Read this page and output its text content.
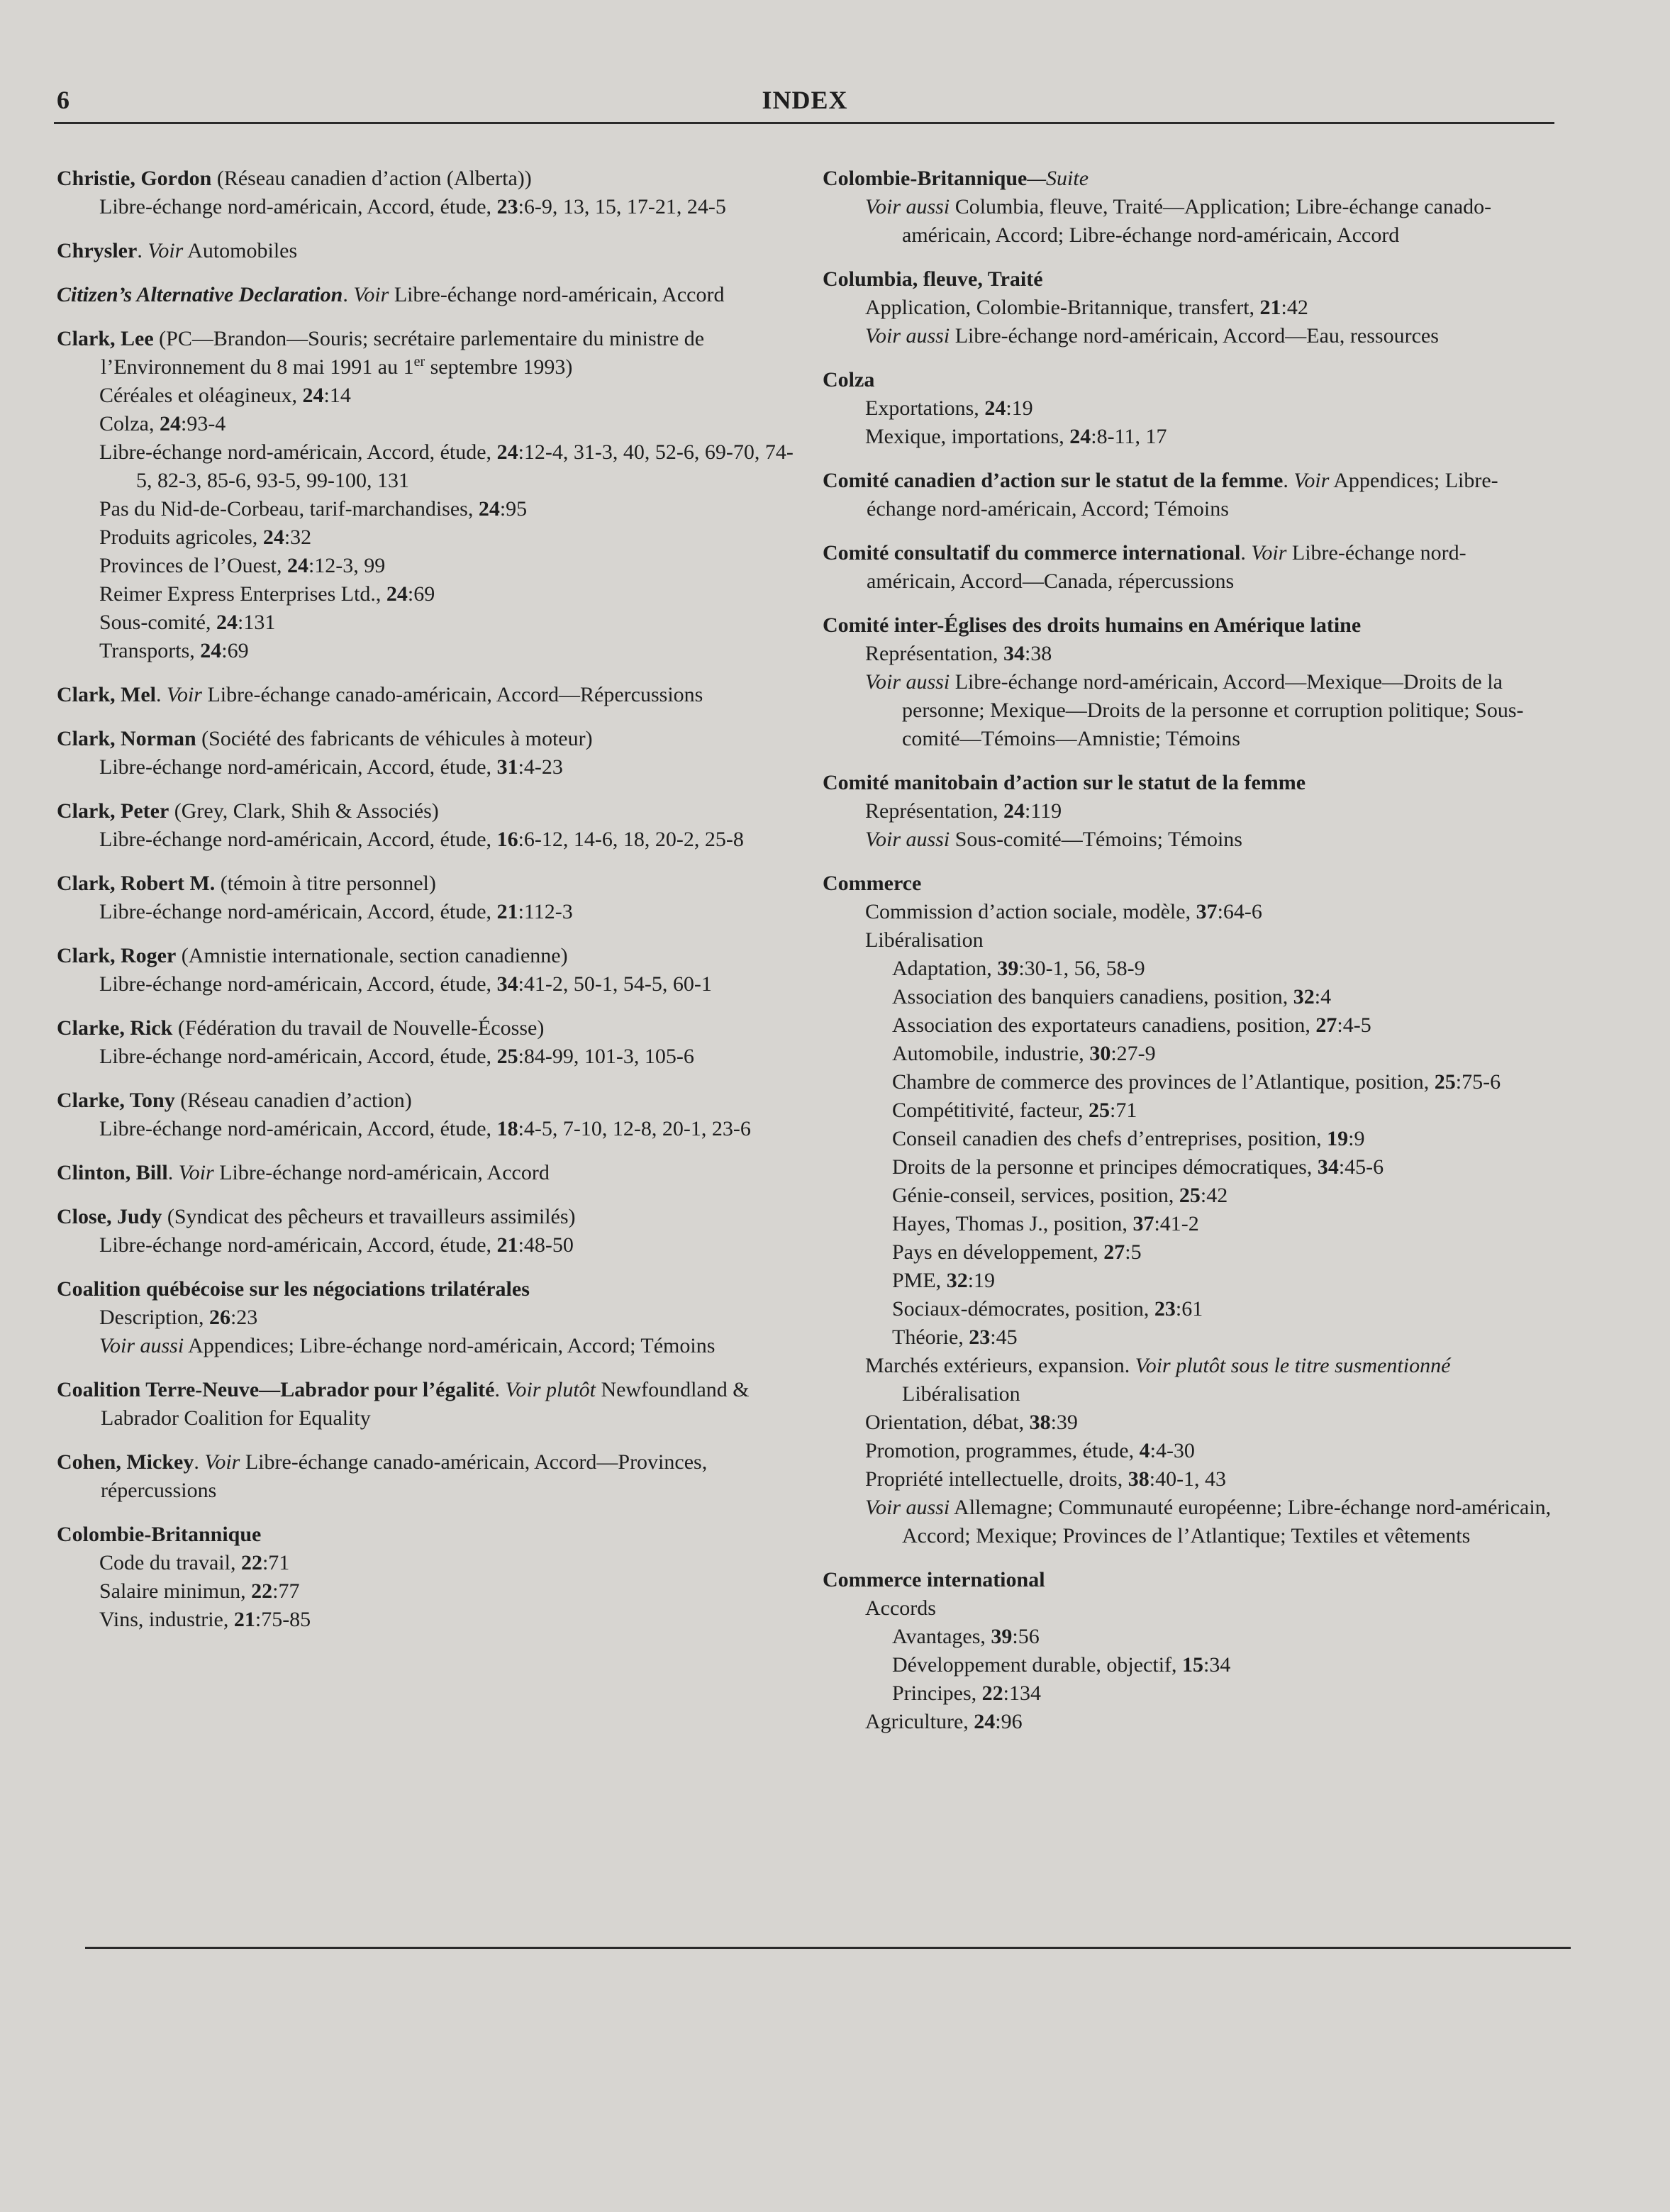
6	INDEX
Christie, Gordon (Réseau canadien d’action (Alberta))
Libre-échange nord-américain, Accord, étude, 23:6-9, 13, 15, 17-21, 24-5
Chrysler. Voir Automobiles
Citizen’s Alternative Declaration. Voir Libre-échange nord-américain, Accord
Clark, Lee (PC—Brandon—Souris; secrétaire parlementaire du ministre de l’Environnement du 8 mai 1991 au 1er septembre 1993)
Céréales et oléagineux, 24:14
Colza, 24:93-4
Libre-échange nord-américain, Accord, étude, 24:12-4, 31-3, 40, 52-6, 69-70, 74-5, 82-3, 85-6, 93-5, 99-100, 131
Pas du Nid-de-Corbeau, tarif-marchandises, 24:95
Produits agricoles, 24:32
Provinces de l’Ouest, 24:12-3, 99
Reimer Express Enterprises Ltd., 24:69
Sous-comité, 24:131
Transports, 24:69
Clark, Mel. Voir Libre-échange canado-américain, Accord—Répercussions
Clark, Norman (Société des fabricants de véhicules à moteur)
Libre-échange nord-américain, Accord, étude, 31:4-23
Clark, Peter (Grey, Clark, Shih & Associés)
Libre-échange nord-américain, Accord, étude, 16:6-12, 14-6, 18, 20-2, 25-8
Clark, Robert M. (témoin à titre personnel)
Libre-échange nord-américain, Accord, étude, 21:112-3
Clark, Roger (Amnistie internationale, section canadienne)
Libre-échange nord-américain, Accord, étude, 34:41-2, 50-1, 54-5, 60-1
Clarke, Rick (Fédération du travail de Nouvelle-Écosse)
Libre-échange nord-américain, Accord, étude, 25:84-99, 101-3, 105-6
Clarke, Tony (Réseau canadien d’action)
Libre-échange nord-américain, Accord, étude, 18:4-5, 7-10, 12-8, 20-1, 23-6
Clinton, Bill. Voir Libre-échange nord-américain, Accord
Close, Judy (Syndicat des pêcheurs et travailleurs assimilés)
Libre-échange nord-américain, Accord, étude, 21:48-50
Coalition québécoise sur les négociations trilatérales
Description, 26:23
Voir aussi Appendices; Libre-échange nord-américain, Accord; Témoins
Coalition Terre-Neuve—Labrador pour l’égalité. Voir plutôt Newfoundland & Labrador Coalition for Equality
Cohen, Mickey. Voir Libre-échange canado-américain, Accord—Provinces, répercussions
Colombie-Britannique
Code du travail, 22:71
Salaire minimun, 22:77
Vins, industrie, 21:75-85
Colombie-Britannique—Suite
Voir aussi Columbia, fleuve, Traité—Application; Libre-échange canado-américain, Accord; Libre-échange nord-américain, Accord
Columbia, fleuve, Traité
Application, Colombie-Britannique, transfert, 21:42
Voir aussi Libre-échange nord-américain, Accord—Eau, ressources
Colza
Exportations, 24:19
Mexique, importations, 24:8-11, 17
Comité canadien d’action sur le statut de la femme. Voir Appendices; Libre-échange nord-américain, Accord; Témoins
Comité consultatif du commerce international. Voir Libre-échange nord-américain, Accord—Canada, répercussions
Comité inter-Églises des droits humains en Amérique latine
Représentation, 34:38
Voir aussi Libre-échange nord-américain, Accord—Mexique—Droits de la personne; Mexique—Droits de la personne et corruption politique; Sous-comité—Témoins—Amnistie; Témoins
Comité manitobain d’action sur le statut de la femme
Représentation, 24:119
Voir aussi Sous-comité—Témoins; Témoins
Commerce
Commission d’action sociale, modèle, 37:64-6
Libéralisation
Adaptation, 39:30-1, 56, 58-9
Association des banquiers canadiens, position, 32:4
Association des exportateurs canadiens, position, 27:4-5
Automobile, industrie, 30:27-9
Chambre de commerce des provinces de l’Atlantique, position, 25:75-6
Compétitivité, facteur, 25:71
Conseil canadien des chefs d’entreprises, position, 19:9
Droits de la personne et principes démocratiques, 34:45-6
Génie-conseil, services, position, 25:42
Hayes, Thomas J., position, 37:41-2
Pays en développement, 27:5
PME, 32:19
Sociaux-démocrates, position, 23:61
Théorie, 23:45
Marchés extérieurs, expansion. Voir plutôt sous le titre susmentionné Libéralisation
Orientation, débat, 38:39
Promotion, programmes, étude, 4:4-30
Propriété intellectuelle, droits, 38:40-1, 43
Voir aussi Allemagne; Communauté européenne; Libre-échange nord-américain, Accord; Mexique; Provinces de l’Atlantique; Textiles et vêtements
Commerce international
Accords
Avantages, 39:56
Développement durable, objectif, 15:34
Principes, 22:134
Agriculture, 24:96
